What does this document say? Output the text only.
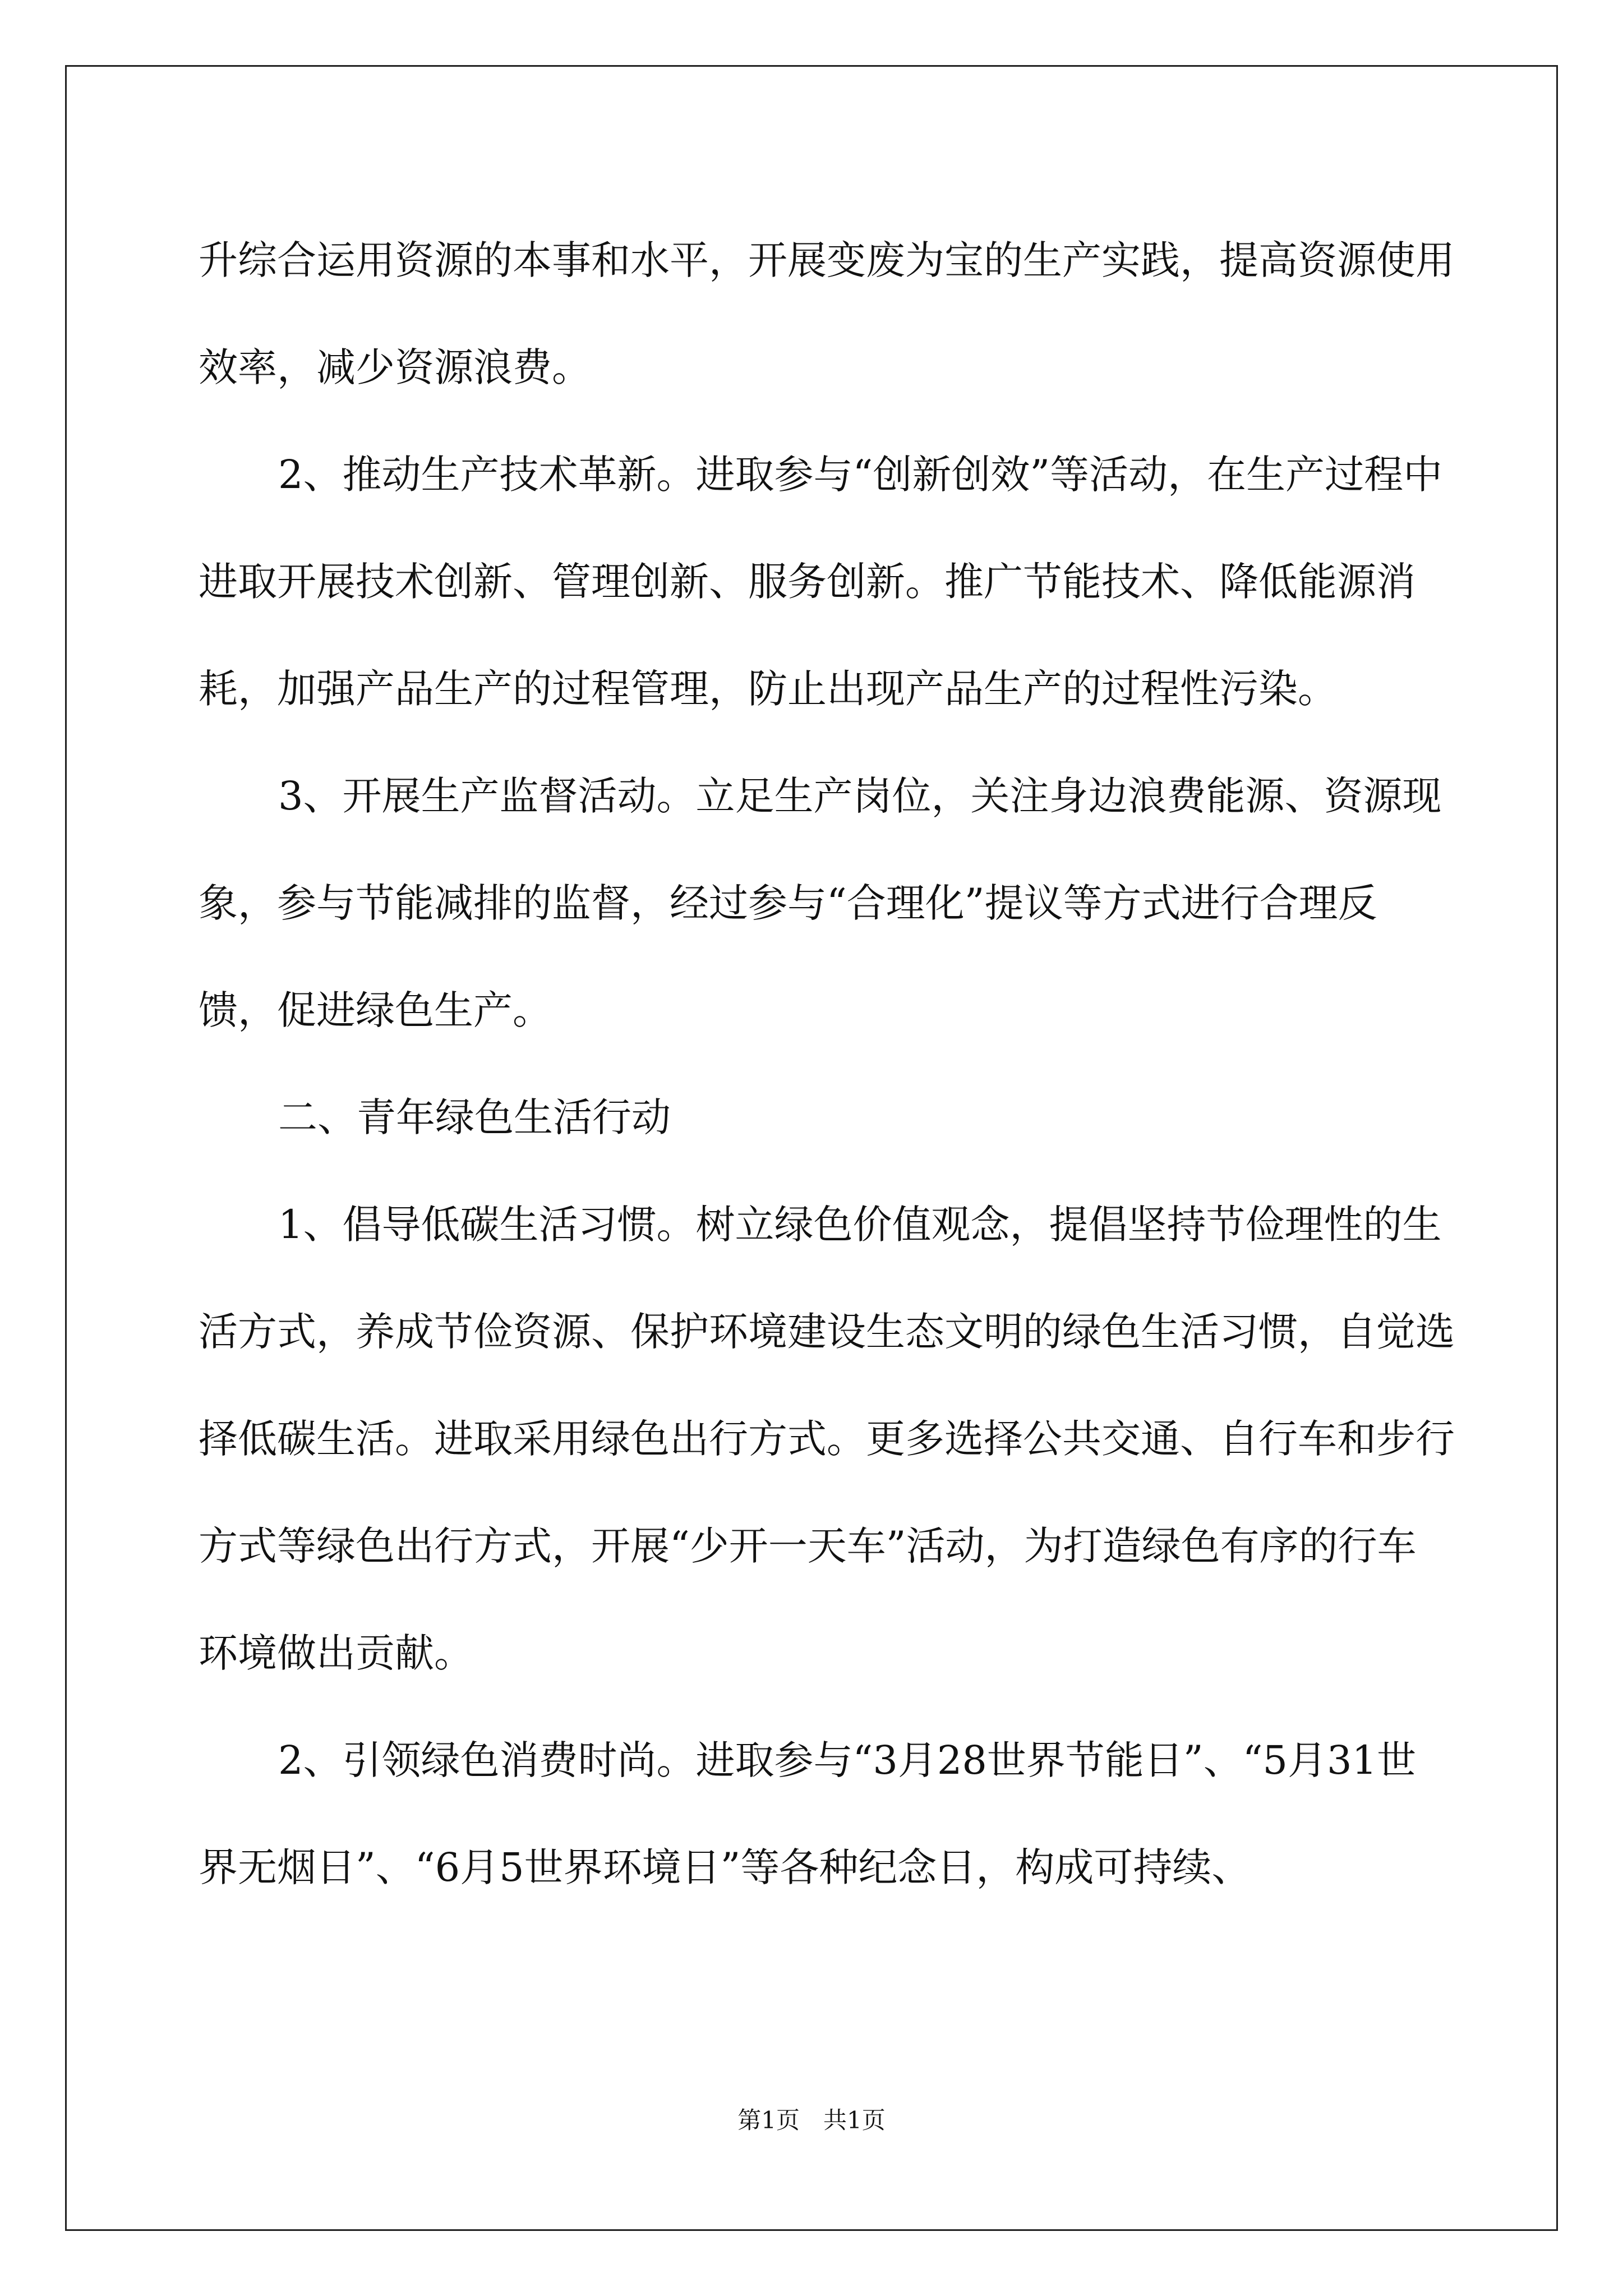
升综合运用资源的本事和水平，开展变废为宝的生产实践，提高资源使用效率，减少资源浪费。

2、推动生产技术革新。进取参与“创新创效”等活动，在生产过程中进取开展技术创新、管理创新、服务创新。推广节能技术、降低能源消耗，加强产品生产的过程管理，防止出现产品生产的过程性污染。

3、开展生产监督活动。立足生产岗位，关注身边浪费能源、资源现象，参与节能减排的监督，经过参与“合理化”提议等方式进行合理反馈，促进绿色生产。

二、青年绿色生活行动

1、倡导低碳生活习惯。树立绿色价值观念，提倡坚持节俭理性的生活方式，养成节俭资源、保护环境建设生态文明的绿色生活习惯，自觉选择低碳生活。进取采用绿色出行方式。更多选择公共交通、自行车和步行方式等绿色出行方式，开展“少开一天车”活动，为打造绿色有序的行车环境做出贡献。

2、引领绿色消费时尚。进取参与“3月28世界节能日”、“5月31世界无烟日”、“6月5世界环境日”等各种纪念日，构成可持续、

第1页　共1页
